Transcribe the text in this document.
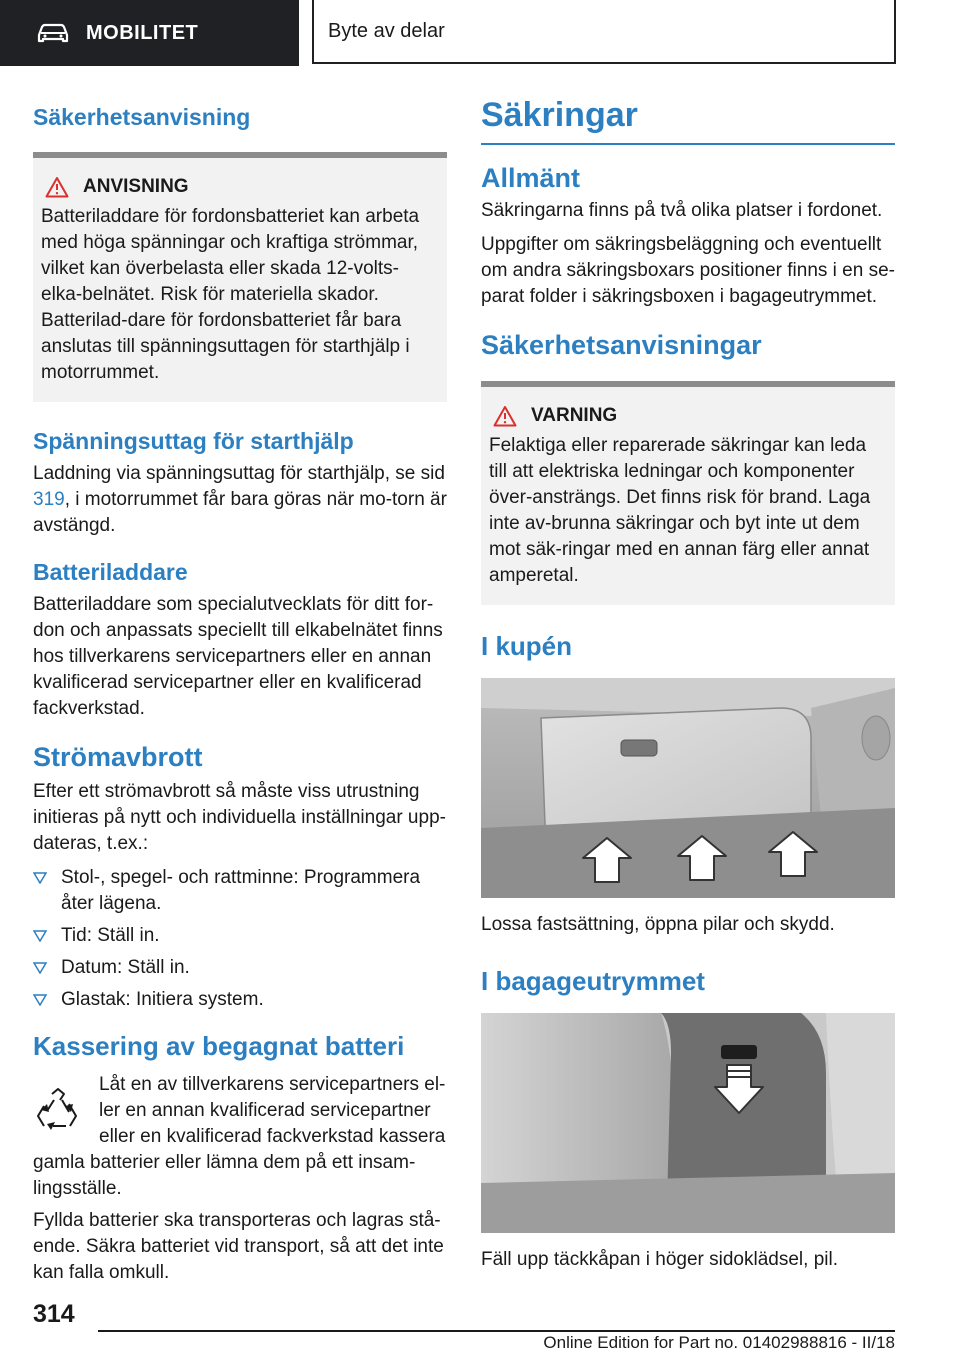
MOBILITET	Byte av delar
Säkerhetsanvisning
ANVISNING

Batteriladdare för fordonsbatteriet kan arbeta med höga spänningar och kraftiga strömmar, vilket kan överbelasta eller skada 12-volts-elka-belnätet. Risk för materiella skador. Batterilad-dare för fordonsbatteriet får bara anslutas till spänningsuttagen för starthjälp i motorrummet.

Spänningsuttag för starthjälp

Laddning via spänningsuttag för starthjälp, se sid 319, i motorrummet får bara göras när mo-torn är avstängd.

Batteriladdare

Batteriladdare som specialutvecklats för ditt for-don och anpassats speciellt till elkabelnätet finns hos tillverkarens servicepartners eller en annan kvalificerad servicepartner eller en kvalificerad fackverkstad.

Strömavbrott

Efter ett strömavbrott så måste viss utrustning initieras på nytt och individuella inställningar upp-dateras, t.ex.:

Stol-, spegel- och rattminne: Programmera åter lägena.
Tid: Ställ in.
Datum: Ställ in.
Glastak: Initiera system.
Kassering av begagnat batteri

Låt en av tillverkarens servicepartners el-ler en annan kvalificerad servicepartner eller en kvalificerad fackverkstad kassera

gamla batterier eller lämna dem på ett insam-lingsställe.

Fyllda batterier ska transporteras och lagras stå-ende. Säkra batteriet vid transport, så att det inte kan falla omkull.

Säkringar
Allmänt

Säkringarna finns på två olika platser i fordonet.

Uppgifter om säkringsbeläggning och eventuellt om andra säkringsboxars positioner finns i en se-parat folder i säkringsboxen i bagageutrymmet.

Säkerhetsanvisningar
VARNING

Felaktiga eller reparerade säkringar kan leda till att elektriska ledningar och komponenter över-ansträngs. Det finns risk för brand. Laga inte av-brunna säkringar och byt inte ut dem mot säk-ringar med en annan färg eller annat amperetal.

I kupén

Lossa fastsättning, öppna pilar och skydd.

I bagageutrymmet

Fäll upp täckkåpan i höger sidoklädsel, pil.

314
Online Edition for Part no. 01402988816 - II/18
